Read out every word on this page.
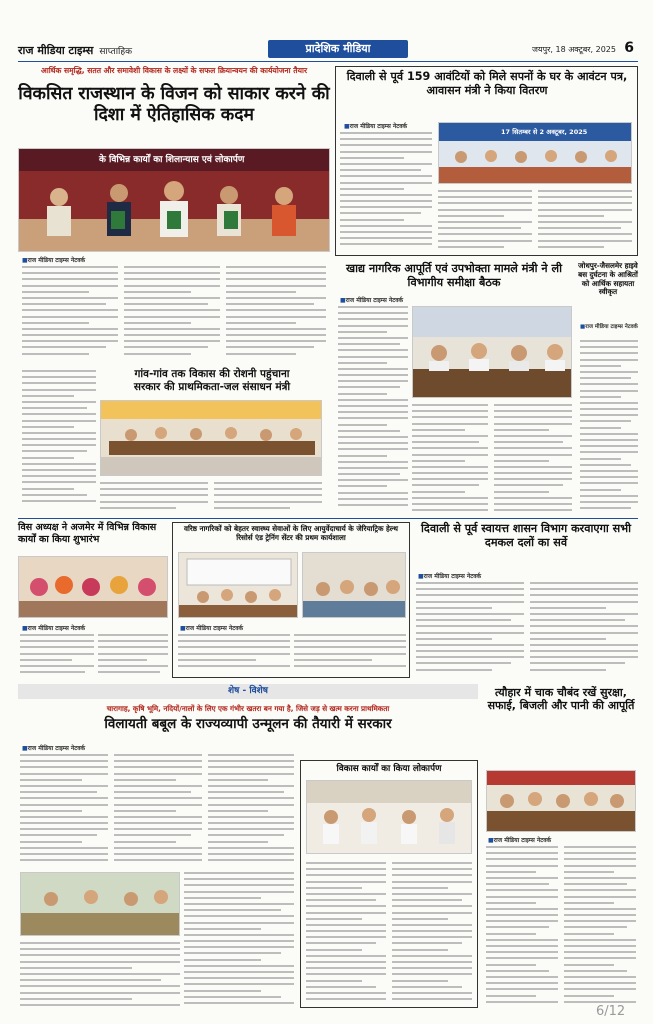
राज मीडिया टाइम्स साप्ताहिक	प्रादेशिक मीडिया	जयपुर, 18 अक्टूबर, 2025 6
आर्थिक समृद्धि, सतत और समावेशी विकास के लक्ष्यों के सफल क्रियान्वयन की कार्ययोजना तैयार
विकसित राजस्थान के विजन को साकार करने की दिशा में ऐतिहासिक कदम
के विभिन्न कार्यों का शिलान्यास एवं लोकार्पण
■ राज मीडिया टाइम्स नेटवर्क
गांव-गांव तक विकास की रोशनी पहुंचाना
सरकार की प्राथमिकता-जल संसाधन मंत्री
दिवाली से पूर्व 159 आवंटियों को मिले सपनों के घर के आवंटन पत्र, आवासन मंत्री ने किया वितरण
■ राज मीडिया टाइम्स नेटवर्क
17 सितम्बर से 2 अक्टूबर, 2025
खाद्य नागरिक आपूर्ति एवं उपभोक्ता मामले मंत्री ने ली विभागीय समीक्षा बैठक
■ राज मीडिया टाइम्स नेटवर्क
जोधपुर-जैसलमेर हाइवे बस दुर्घटना के आश्रितों को आर्थिक सहायता स्वीकृत
■ राज मीडिया टाइम्स नेटवर्क
विस अध्यक्ष ने अजमेर में विभिन्न विकास कार्यों का किया शुभारंभ
■ राज मीडिया टाइम्स नेटवर्क
वरिष्ठ नागरिकों को बेहतर स्वास्थ्य सेवाओं के लिए आयुर्वेदाचार्य के जेरियाट्रिक हेल्थ रिसोर्स एंड ट्रेनिंग सेंटर की प्रथम कार्यशाला
■ राज मीडिया टाइम्स नेटवर्क
दिवाली से पूर्व स्वायत्त शासन विभाग करवाएगा सभी दमकल दलों का सर्वे
■ राज मीडिया टाइम्स नेटवर्क
शेष - विशेष
चारागाह, कृषि भूमि, नदियों/नालों के लिए एक गंभीर खतरा बन गया है, जिसे जड़ से खत्म करना प्राथमिकता
विलायती बबूल के राज्यव्यापी उन्मूलन की तैयारी में सरकार
■ राज मीडिया टाइम्स नेटवर्क
विकास कार्यों का किया लोकार्पण
त्यौहार में चाक चौबंद रखें सुरक्षा, सफाई, बिजली और पानी की आपूर्ति
■ राज मीडिया टाइम्स नेटवर्क
6/12
